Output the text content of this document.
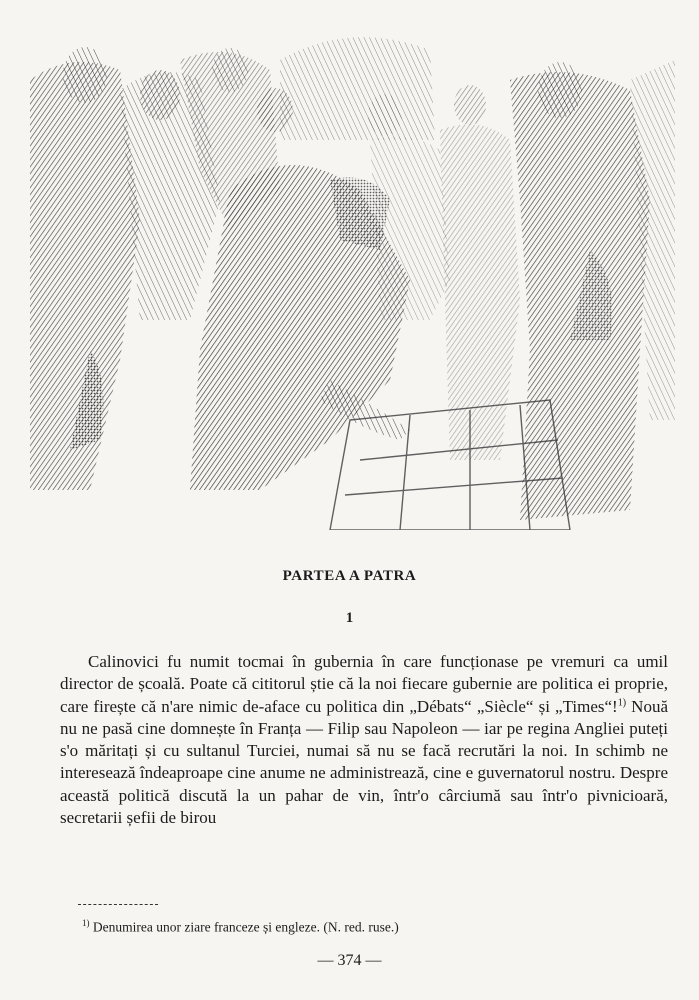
PARTEA A PATRA
1

Calinovici fu numit tocmai în gubernia în care funcționase pe vremuri ca umil director de școală. Poate că cititorul știe că la noi fiecare gubernie are politica ei proprie, care firește că n'are nimic de-aface cu politica din „Débats“ „Siècle“ și „Times“!$^{1)}$ Nouă nu ne pasă cine domnește în Franța — Filip sau Napoleon — iar pe regina Angliei puteți s'o măritați și cu sultanul Turciei, numai să nu se facă recrutări la noi. In schimb ne interesează îndeaproape cine anume ne administrează, cine e guvernatorul nostru. Despre această politică discută la un pahar de vin, într'o cârciumă sau într'o pivnicioară, secretarii șefii de birou

$^{1)}$ Denumirea unor ziare franceze și engleze. (N. red. ruse.)
— 374 —
